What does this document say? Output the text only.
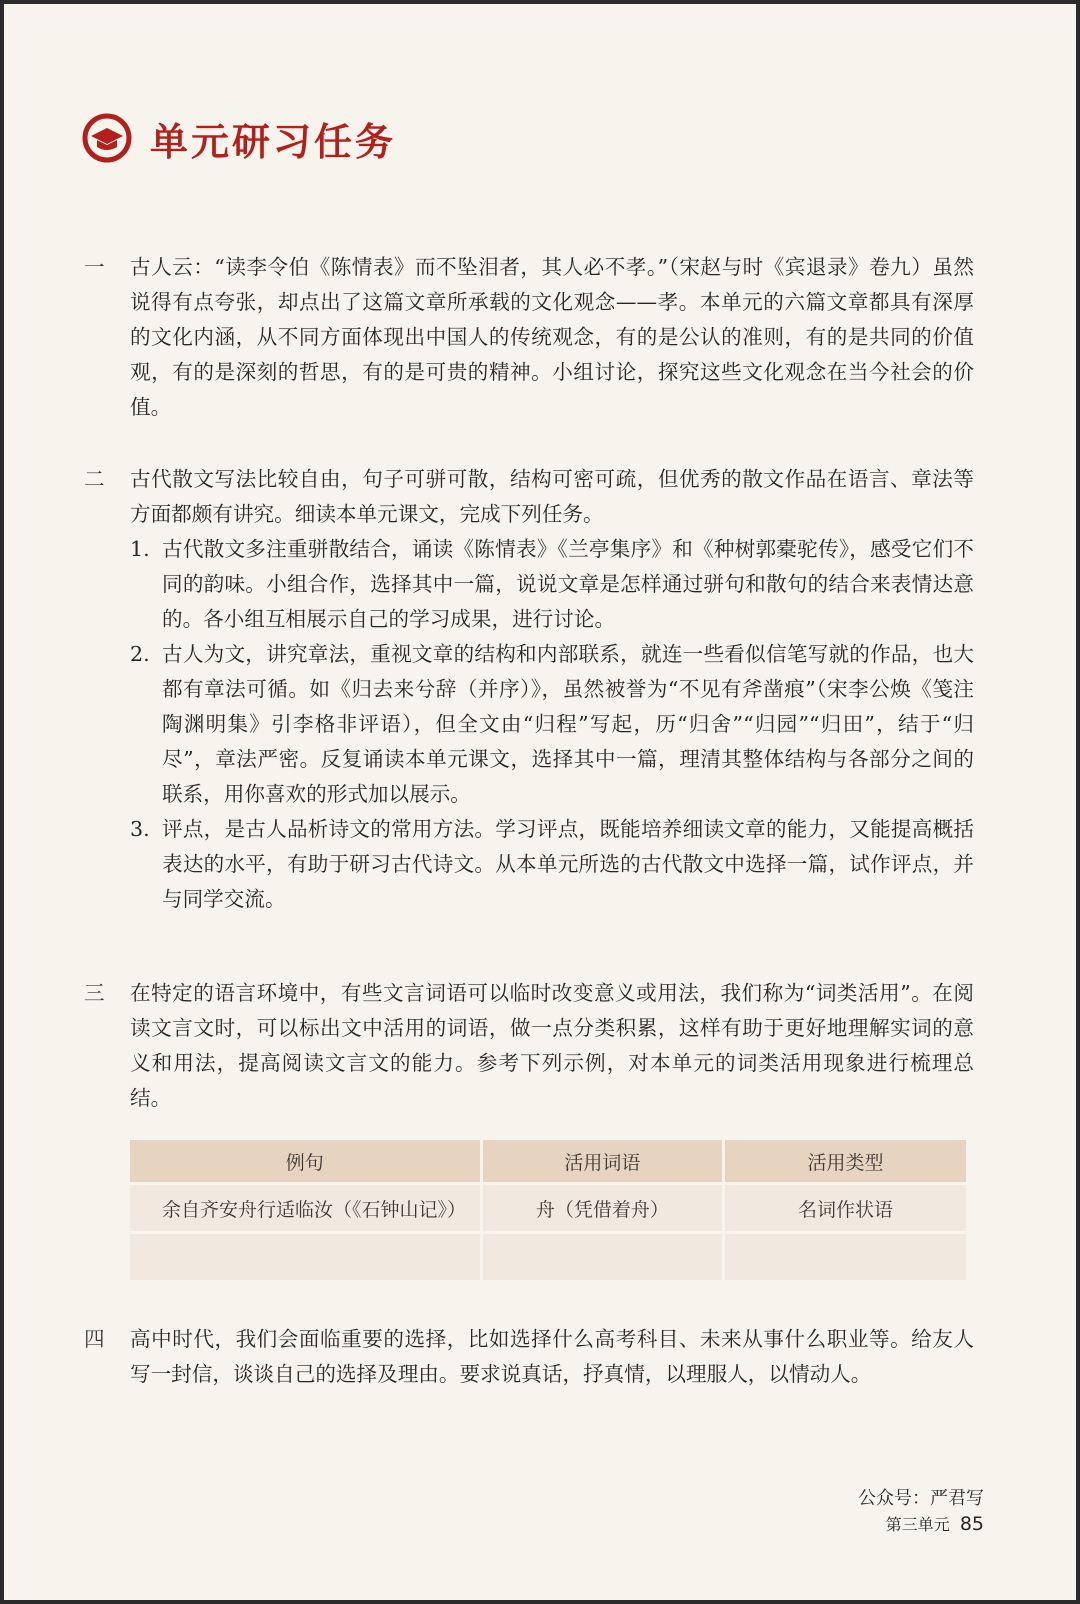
单元研习任务
一	古人云：“读李令伯《陈情表》而不坠泪者，其人必不孝。”（宋赵与时《宾退录》卷九）虽然说得有点夸张，却点出了这篇文章所承载的文化观念——孝。本单元的六篇文章都具有深厚的文化内涵，从不同方面体现出中国人的传统观念，有的是公认的准则，有的是共同的价值观，有的是深刻的哲思，有的是可贵的精神。小组讨论，探究这些文化观念在当今社会的价值。
二	古代散文写法比较自由，句子可骈可散，结构可密可疏，但优秀的散文作品在语言、章法等方面都颇有讲究。细读本单元课文，完成下列任务。
1. 古代散文多注重骈散结合，诵读《陈情表》《兰亭集序》和《种树郭橐驼传》，感受它们不同的韵味。小组合作，选择其中一篇，说说文章是怎样通过骈句和散句的结合来表情达意的。各小组互相展示自己的学习成果，进行讨论。
2. 古人为文，讲究章法，重视文章的结构和内部联系，就连一些看似信笔写就的作品，也大都有章法可循。如《归去来兮辞（并序）》，虽然被誉为“不见有斧凿痕”（宋李公焕《笺注陶渊明集》引李格非评语），但全文由“归程”写起，历“归舍”“归园”“归田”，结于“归尽”，章法严密。反复诵读本单元课文，选择其中一篇，理清其整体结构与各部分之间的联系，用你喜欢的形式加以展示。
3. 评点，是古人品析诗文的常用方法。学习评点，既能培养细读文章的能力，又能提高概括表达的水平，有助于研习古代诗文。从本单元所选的古代散文中选择一篇，试作评点，并与同学交流。
三	在特定的语言环境中，有些文言词语可以临时改变意义或用法，我们称为“词类活用”。在阅读文言文时，可以标出文中活用的词语，做一点分类积累，这样有助于更好地理解实词的意义和用法，提高阅读文言文的能力。参考下列示例，对本单元的词类活用现象进行梳理总结。
例句	活用词语	活用类型
余自齐安舟行适临汝（《石钟山记》）	舟（凭借着舟）	名词作状语

四	高中时代，我们会面临重要的选择，比如选择什么高考科目、未来从事什么职业等。给友人写一封信，谈谈自己的选择及理由。要求说真话，抒真情，以理服人，以情动人。
公众号：严君写
第三单元 85
